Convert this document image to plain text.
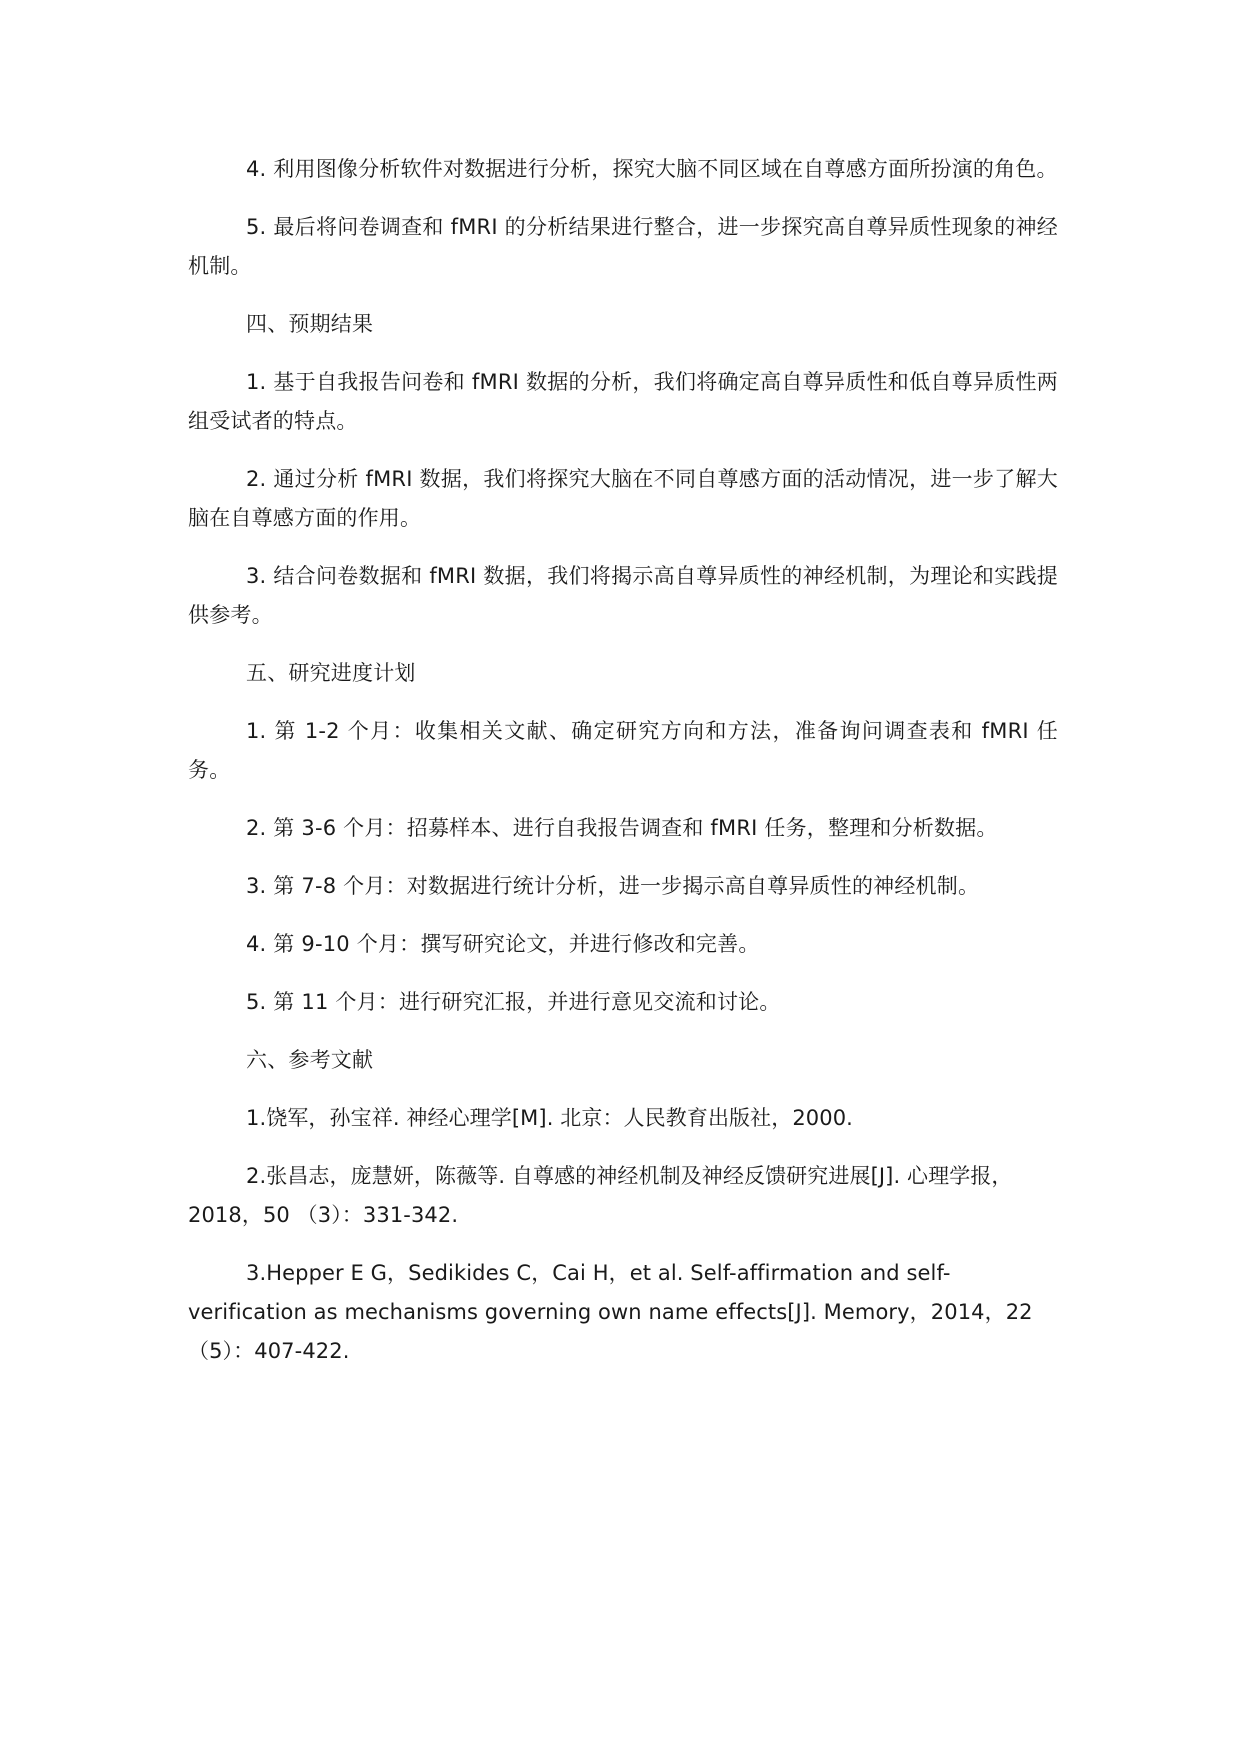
4. 利用图像分析软件对数据进行分析，探究大脑不同区域在自尊感方面所扮演的角色。

5. 最后将问卷调查和 fMRI 的分析结果进行整合，进一步探究高自尊异质性现象的神经机制。

四、预期结果

1. 基于自我报告问卷和 fMRI 数据的分析，我们将确定高自尊异质性和低自尊异质性两组受试者的特点。

2. 通过分析 fMRI 数据，我们将探究大脑在不同自尊感方面的活动情况，进一步了解大脑在自尊感方面的作用。

3. 结合问卷数据和 fMRI 数据，我们将揭示高自尊异质性的神经机制，为理论和实践提供参考。

五、研究进度计划

1. 第 1-2 个月：收集相关文献、确定研究方向和方法，准备询问调查表和 fMRI 任务。

2. 第 3-6 个月：招募样本、进行自我报告调查和 fMRI 任务，整理和分析数据。

3. 第 7-8 个月：对数据进行统计分析，进一步揭示高自尊异质性的神经机制。

4. 第 9-10 个月：撰写研究论文，并进行修改和完善。

5. 第 11 个月：进行研究汇报，并进行意见交流和讨论。

六、参考文献

1.饶军，孙宝祥. 神经心理学[M]. 北京：人民教育出版社，2000.

2.张昌志，庞慧妍，陈薇等. 自尊感的神经机制及神经反馈研究进展[J]. 心理学报，2018，50 （3）：331-342.

3.Hepper E G，Sedikides C，Cai H，et al. Self-affirmation and self-verification as mechanisms governing own name effects[J]. Memory，2014，22（5）：407-422.
